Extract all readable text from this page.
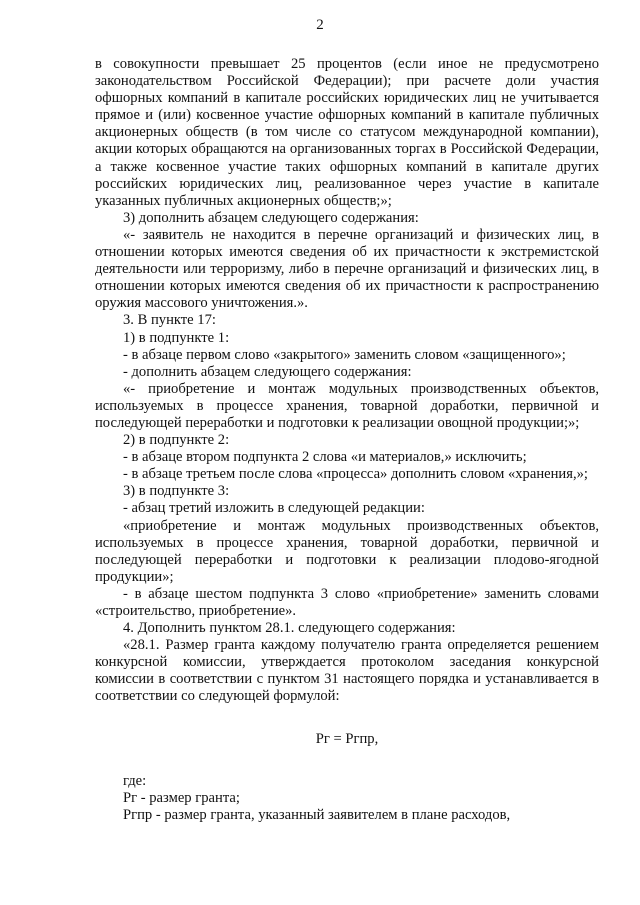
2

в совокупности превышает 25 процентов (если иное не предусмотрено законодательством Российской Федерации); при расчете доли участия офшорных компаний в капитале российских юридических лиц не учитывается прямое и (или) косвенное участие офшорных компаний в капитале публичных акционерных обществ (в том числе со статусом международной компании), акции которых обращаются на организованных торгах в Российской Федерации, а также косвенное участие таких офшорных компаний в капитале других российских юридических лиц, реализованное через участие в капитале указанных публичных акционерных обществ;»;

3) дополнить абзацем следующего содержания:

«- заявитель не находится в перечне организаций и физических лиц, в отношении которых имеются сведения об их причастности к экстремистской деятельности или терроризму, либо в перечне организаций и физических лиц, в отношении которых имеются сведения об их причастности к распространению оружия массового уничтожения.».

3. В пункте 17:

1) в подпункте 1:

- в абзаце первом слово «закрытого» заменить словом «защищенного»;

- дополнить абзацем следующего содержания:

«- приобретение и монтаж модульных производственных объектов, используемых в процессе хранения, товарной доработки, первичной и последующей переработки и подготовки к реализации овощной продукции;»;

2) в подпункте 2:

- в абзаце втором подпункта 2 слова «и материалов,» исключить;

- в абзаце третьем после слова «процесса» дополнить словом «хранения,»;

3) в подпункте 3:

- абзац третий изложить в следующей редакции:

«приобретение и монтаж модульных производственных объектов, используемых в процессе хранения, товарной доработки, первичной и последующей переработки и подготовки к реализации плодово-ягодной продукции»;

- в абзаце шестом подпункта 3 слово «приобретение» заменить словами «строительство, приобретение».

4. Дополнить пунктом 28.1. следующего содержания:

«28.1. Размер гранта каждому получателю гранта определяется решением конкурсной комиссии, утверждается протоколом заседания конкурсной комиссии в соответствии с пунктом 31 настоящего порядка и устанавливается в соответствии со следующей формулой:

Рг = Ргпр,

где:

Рг - размер гранта;

Ргпр - размер гранта, указанный заявителем в плане расходов,
